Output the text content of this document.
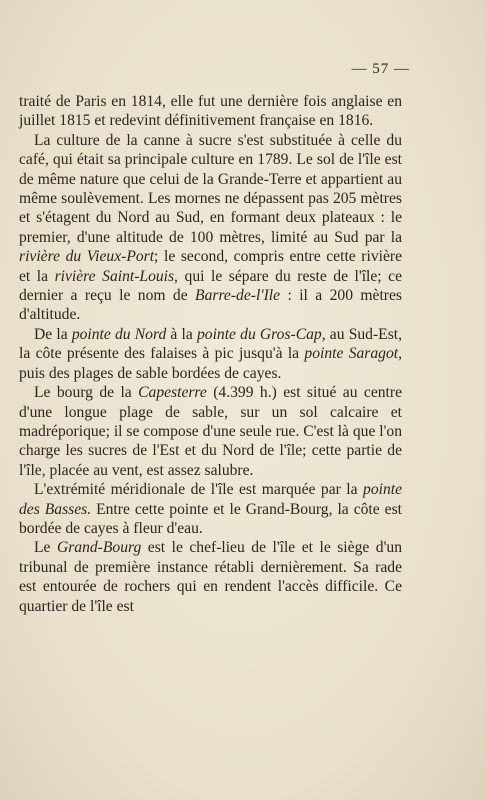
— 57 —

traité de Paris en 1814, elle fut une dernière fois anglaise en juillet 1815 et redevint définitivement française en 1816.

La culture de la canne à sucre s'est substituée à celle du café, qui était sa principale culture en 1789. Le sol de l'île est de même nature que celui de la Grande-Terre et appartient au même soulèvement. Les mornes ne dépassent pas 205 mètres et s'étagent du Nord au Sud, en formant deux plateaux : le premier, d'une altitude de 100 mètres, limité au Sud par la rivière du Vieux-Port; le second, compris entre cette rivière et la rivière Saint-Louis, qui le sépare du reste de l'île; ce dernier a reçu le nom de Barre-de-l'Ile : il a 200 mètres d'altitude.

De la pointe du Nord à la pointe du Gros-Cap, au Sud-Est, la côte présente des falaises à pic jusqu'à la pointe Saragot, puis des plages de sable bordées de cayes.

Le bourg de la Capesterre (4.399 h.) est situé au centre d'une longue plage de sable, sur un sol calcaire et madréporique; il se compose d'une seule rue. C'est là que l'on charge les sucres de l'Est et du Nord de l'île; cette partie de l'île, placée au vent, est assez salubre.

L'extrémité méridionale de l'île est marquée par la pointe des Basses. Entre cette pointe et le Grand-Bourg, la côte est bordée de cayes à fleur d'eau.

Le Grand-Bourg est le chef-lieu de l'île et le siège d'un tribunal de première instance rétabli dernièrement. Sa rade est entourée de rochers qui en rendent l'accès difficile. Ce quartier de l'île est
